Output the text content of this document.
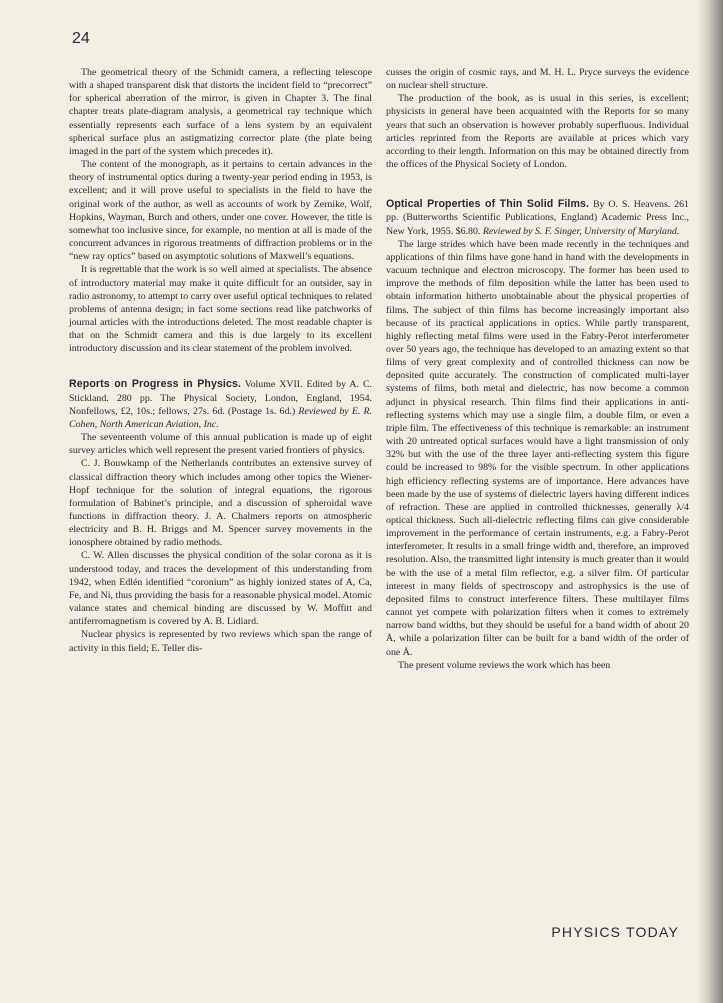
24

The geometrical theory of the Schmidt camera, a reflecting telescope with a shaped transparent disk that distorts the incident field to “precorrect” for spherical aberration of the mirror, is given in Chapter 3. The final chapter treats plate-diagram analysis, a geometrical ray technique which essentially represents each surface of a lens system by an equivalent spherical surface plus an astigmatizing corrector plate (the plate being imaged in the part of the system which precedes it).

The content of the monograph, as it pertains to certain advances in the theory of instrumental optics during a twenty-year period ending in 1953, is excellent; and it will prove useful to specialists in the field to have the original work of the author, as well as accounts of work by Zernike, Wolf, Hopkins, Wayman, Burch and others, under one cover. However, the title is somewhat too inclusive since, for example, no mention at all is made of the concurrent advances in rigorous treatments of diffraction problems or in the “new ray optics” based on asymptotic solutions of Maxwell’s equations.

It is regrettable that the work is so well aimed at specialists. The absence of introductory material may make it quite difficult for an outsider, say in radio astronomy, to attempt to carry over useful optical techniques to related problems of antenna design; in fact some sections read like patchworks of journal articles with the introductions deleted. The most readable chapter is that on the Schmidt camera and this is due largely to its excellent introductory discussion and its clear statement of the problem involved.

Reports on Progress in Physics. Volume XVII. Edited by A. C. Stickland. 280 pp. The Physical Society, London, England, 1954. Nonfellows, £2, 10s.; fellows, 27s. 6d. (Postage 1s. 6d.) Reviewed by E. R. Cohen, North American Aviation, Inc.

The seventeenth volume of this annual publication is made up of eight survey articles which well represent the present varied frontiers of physics.

C. J. Bouwkamp of the Netherlands contributes an extensive survey of classical diffraction theory which includes among other topics the Wiener-Hopf technique for the solution of integral equations, the rigorous formulation of Babinet’s principle, and a discussion of spheroidal wave functions in diffraction theory. J. A. Chalmers reports on atmospheric electricity and B. H. Briggs and M. Spencer survey movements in the ionosphere obtained by radio methods.

C. W. Allen discusses the physical condition of the solar corona as it is understood today, and traces the development of this understanding from 1942, when Edlén identified “coronium” as highly ionized states of A, Ca, Fe, and Ni, thus providing the basis for a reasonable physical model. Atomic valance states and chemical binding are discussed by W. Moffitt and antiferromagnetism is covered by A. B. Lidiard.

Nuclear physics is represented by two reviews which span the range of activity in this field; E. Teller dis-

cusses the origin of cosmic rays, and M. H. L. Pryce surveys the evidence on nuclear shell structure.

The production of the book, as is usual in this series, is excellent; physicists in general have been acquainted with the Reports for so many years that such an observation is however probably superfluous. Individual articles reprinted from the Reports are available at prices which vary according to their length. Information on this may be obtained directly from the offices of the Physical Society of London.

Optical Properties of Thin Solid Films. By O. S. Heavens. 261 pp. (Butterworths Scientific Publications, England) Academic Press Inc., New York, 1955. $6.80. Reviewed by S. F. Singer, University of Maryland.

The large strides which have been made recently in the techniques and applications of thin films have gone hand in hand with the developments in vacuum technique and electron microscopy. The former has been used to improve the methods of film deposition while the latter has been used to obtain information hitherto unobtainable about the physical properties of films. The subject of thin films has become increasingly important also because of its practical applications in optics. While partly transparent, highly reflecting metal films were used in the Fabry-Perot interferometer over 50 years ago, the technique has developed to an amazing extent so that films of very great complexity and of controlled thickness can now be deposited quite accurately. The construction of complicated multi-layer systems of films, both metal and dielectric, has now become a common adjunct in physical research. Thin films find their applications in anti-reflecting systems which may use a single film, a double film, or even a triple film. The effectiveness of this technique is remarkable: an instrument with 20 untreated optical surfaces would have a light transmission of only 32% but with the use of the three layer anti-reflecting system this figure could be increased to 98% for the visible spectrum. In other applications high efficiency reflecting systems are of importance. Here advances have been made by the use of systems of dielectric layers having different indices of refraction. These are applied in controlled thicknesses, generally λ/4 optical thickness. Such all-dielectric reflecting films can give considerable improvement in the performance of certain instruments, e.g. a Fabry-Perot interferometer. It results in a small fringe width and, therefore, an improved resolution. Also, the transmitted light intensity is much greater than it would be with the use of a metal film reflector, e.g. a silver film. Of particular interest in many fields of spectroscopy and astrophysics is the use of deposited films to construct interference filters. These multilayer films cannot yet compete with polarization filters when it comes to extremely narrow band widths, but they should be useful for a band width of about 20 Å, while a polarization filter can be built for a band width of the order of one Å.

The present volume reviews the work which has been

PHYSICS TODAY
